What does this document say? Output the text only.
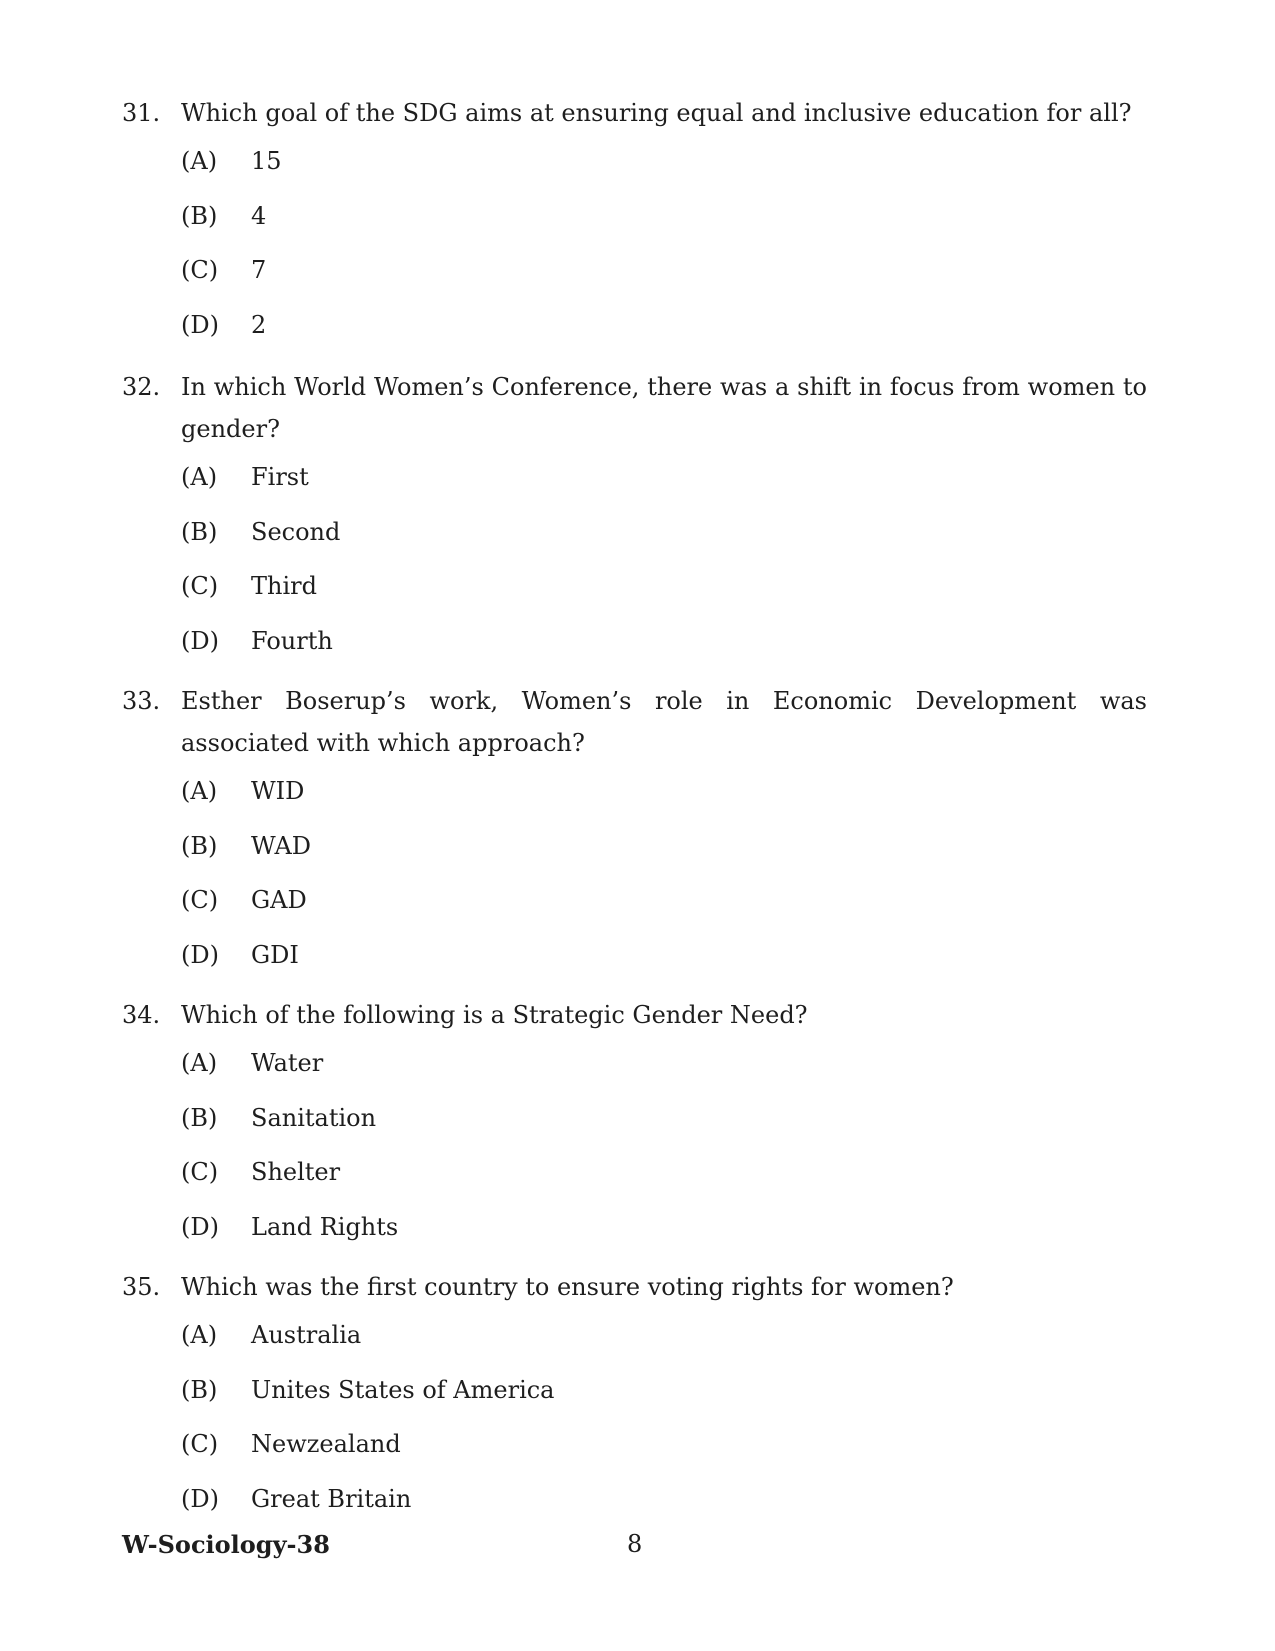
31. Which goal of the SDG aims at ensuring equal and inclusive education for all?
(A)	15
(B)	4
(C)	7
(D)	2
32. In which World Women’s Conference, there was a shift in focus from women to gender?
(A)	First
(B)	Second
(C)	Third
(D)	Fourth
33. Esther Boserup’s work, Women’s role in Economic Development was associated with which approach?
(A)	WID
(B)	WAD
(C)	GAD
(D)	GDI
34. Which of the following is a Strategic Gender Need?
(A)	Water
(B)	Sanitation
(C)	Shelter
(D)	Land Rights
35. Which was the first country to ensure voting rights for women?
(A)	Australia
(B)	Unites States of America
(C)	Newzealand
(D)	Great Britain
W-Sociology-38	8
